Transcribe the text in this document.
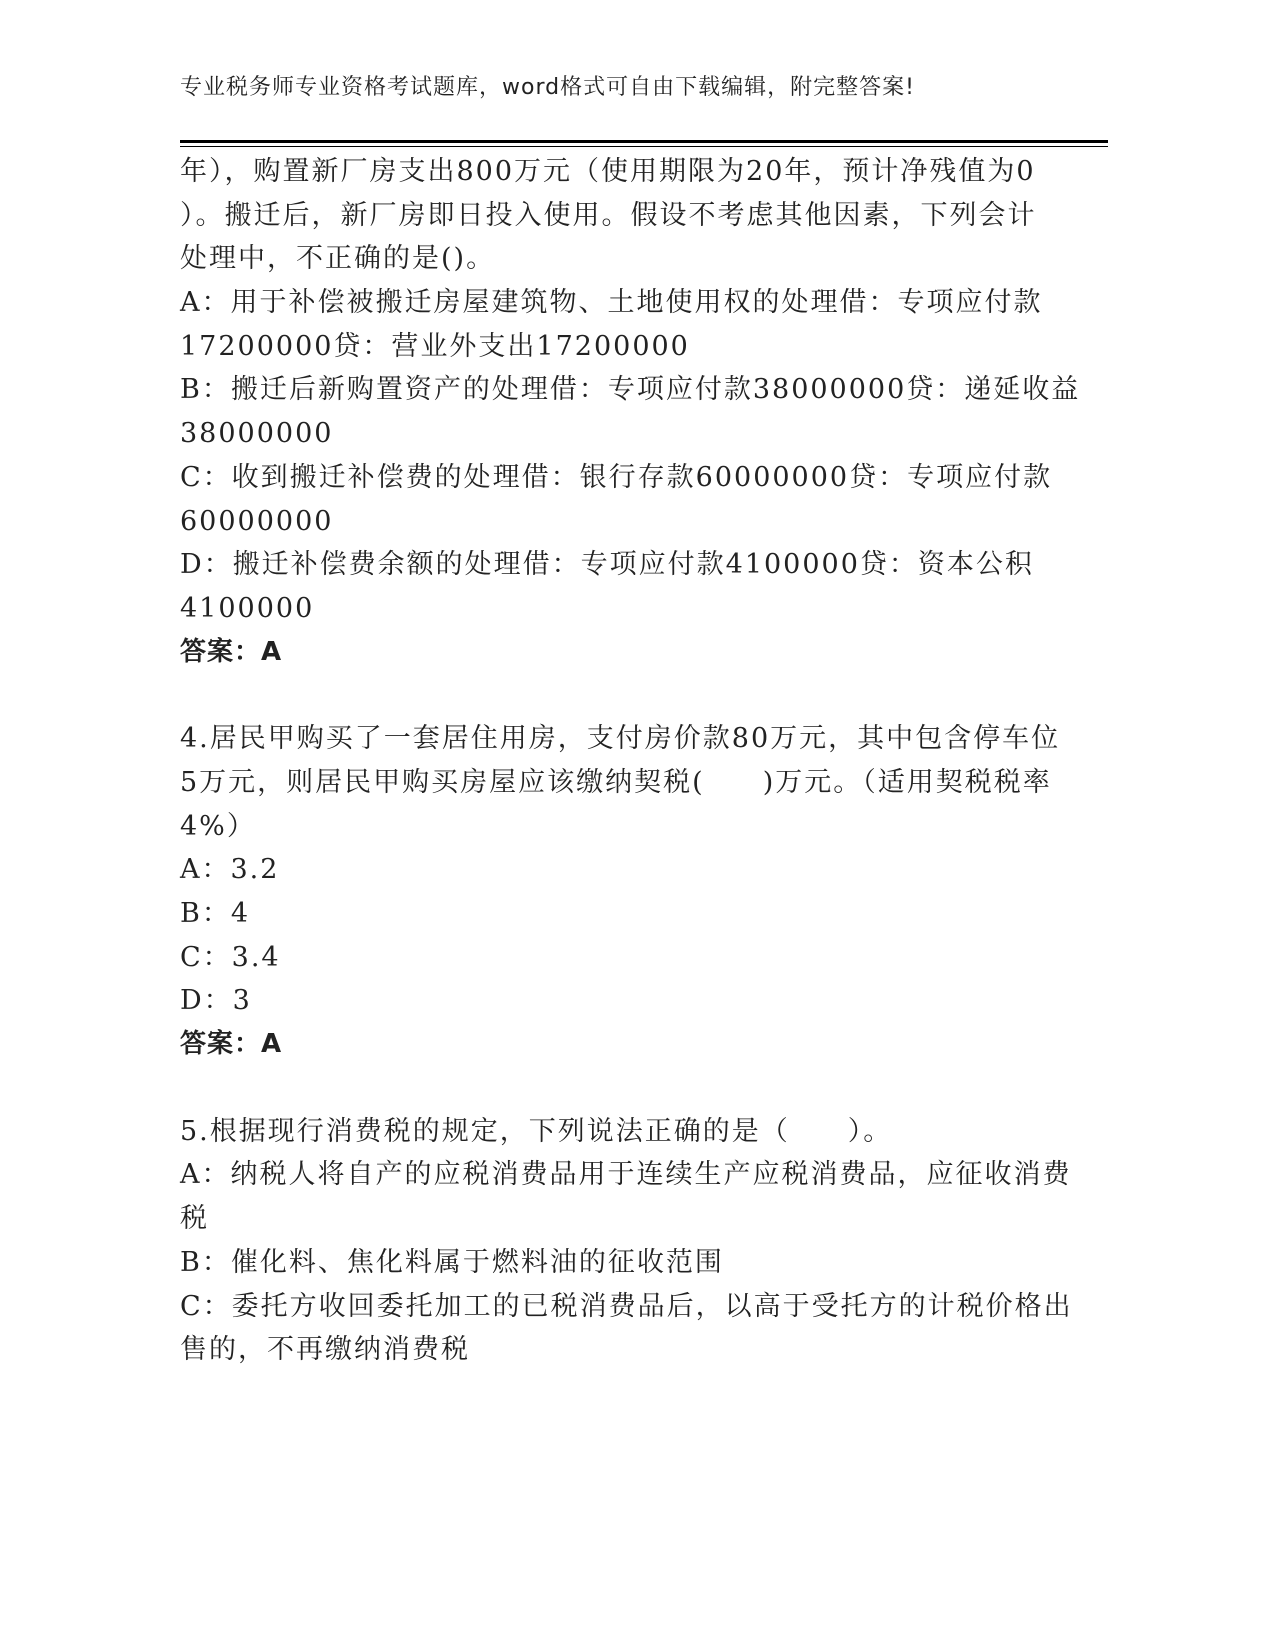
专业税务师专业资格考试题库，word格式可自由下载编辑，附完整答案!
年），购置新厂房支出800万元（使用期限为20年，预计净残值为0
）。搬迁后，新厂房即日投入使用。假设不考虑其他因素，下列会计
处理中，不正确的是()。
A：用于补偿被搬迁房屋建筑物、土地使用权的处理借：专项应付款
17200000贷：营业外支出17200000
B：搬迁后新购置资产的处理借：专项应付款38000000贷：递延收益
38000000
C：收到搬迁补偿费的处理借：银行存款60000000贷：专项应付款
60000000
D：搬迁补偿费余额的处理借：专项应付款4100000贷：资本公积
4100000
答案：A
4.居民甲购买了一套居住用房，支付房价款80万元，其中包含停车位
5万元，则居民甲购买房屋应该缴纳契税(　　)万元。（适用契税税率
4%）
A：3.2
B：4
C：3.4
D：3
答案：A
5.根据现行消费税的规定，下列说法正确的是（　　）。
A：纳税人将自产的应税消费品用于连续生产应税消费品，应征收消费
税
B：催化料、焦化料属于燃料油的征收范围
C：委托方收回委托加工的已税消费品后，以高于受托方的计税价格出
售的，不再缴纳消费税
